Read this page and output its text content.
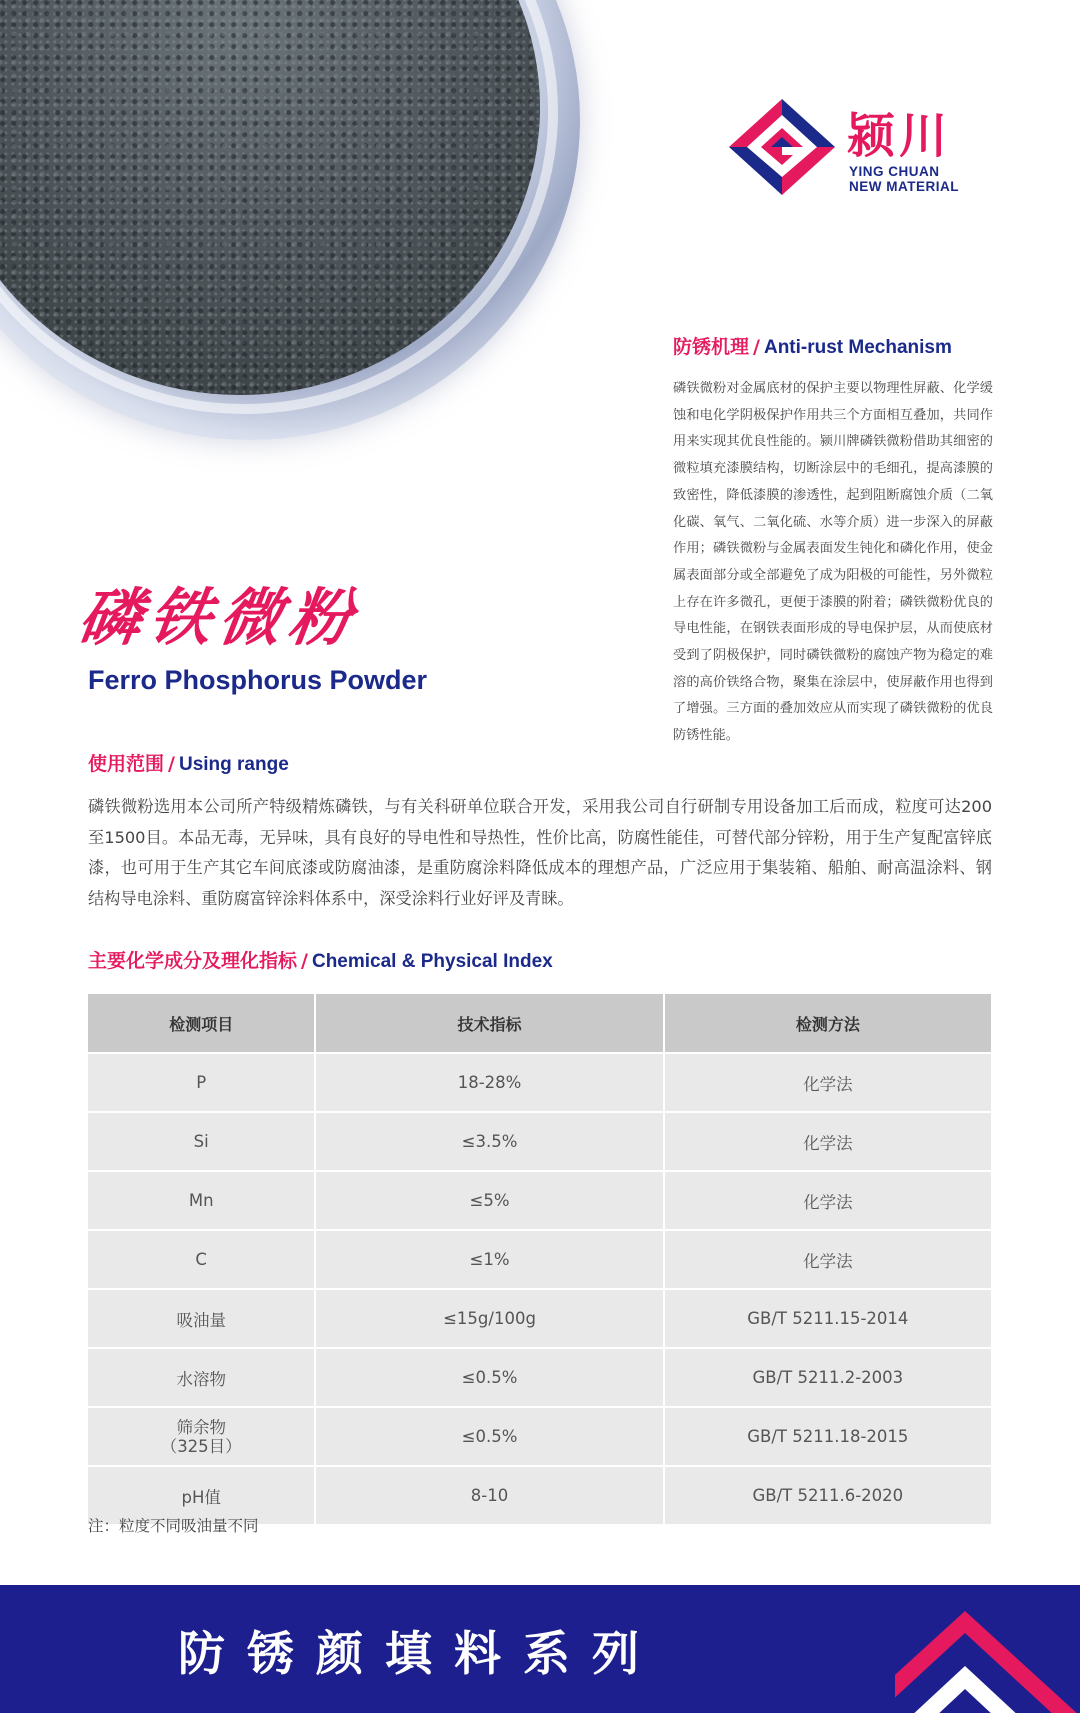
颍川
YING CHUAN
NEW MATERIAL
防锈机理 / Anti-rust Mechanism
磷铁微粉对金属底材的保护主要以物理性屏蔽、化学缓蚀和电化学阴极保护作用共三个方面相互叠加，共同作用来实现其优良性能的。颍川牌磷铁微粉借助其细密的微粒填充漆膜结构，切断涂层中的毛细孔，提高漆膜的致密性，降低漆膜的渗透性，起到阻断腐蚀介质（二氧化碳、氧气、二氧化硫、水等介质）进一步深入的屏蔽作用；磷铁微粉与金属表面发生钝化和磷化作用，使金属表面部分或全部避免了成为阳极的可能性，另外微粒上存在许多微孔，更便于漆膜的附着；磷铁微粉优良的导电性能，在钢铁表面形成的导电保护层，从而使底材受到了阴极保护，同时磷铁微粉的腐蚀产物为稳定的难溶的高价铁络合物，聚集在涂层中，使屏蔽作用也得到了增强。三方面的叠加效应从而实现了磷铁微粉的优良防锈性能。
磷铁微粉
Ferro Phosphorus Powder
使用范围 / Using range
磷铁微粉选用本公司所产特级精炼磷铁，与有关科研单位联合开发，采用我公司自行研制专用设备加工后而成，粒度可达200至1500目。本品无毒，无异味，具有良好的导电性和导热性，性价比高，防腐性能佳，可替代部分锌粉，用于生产复配富锌底漆，也可用于生产其它车间底漆或防腐油漆，是重防腐涂料降低成本的理想产品，广泛应用于集装箱、船舶、耐高温涂料、钢结构导电涂料、重防腐富锌涂料体系中，深受涂料行业好评及青睐。
主要化学成分及理化指标 / Chemical & Physical Index
检测项目	技术指标	检测方法
P	18-28%	化学法
Si	≤3.5%	化学法
Mn	≤5%	化学法
C	≤1%	化学法
吸油量	≤15g/100g	GB/T 5211.15-2014
水溶物	≤0.5%	GB/T 5211.2-2003
筛余物
（325目）	≤0.5%	GB/T 5211.18-2015
pH值	8-10	GB/T 5211.6-2020
注：粒度不同吸油量不同
防锈颜填料系列
